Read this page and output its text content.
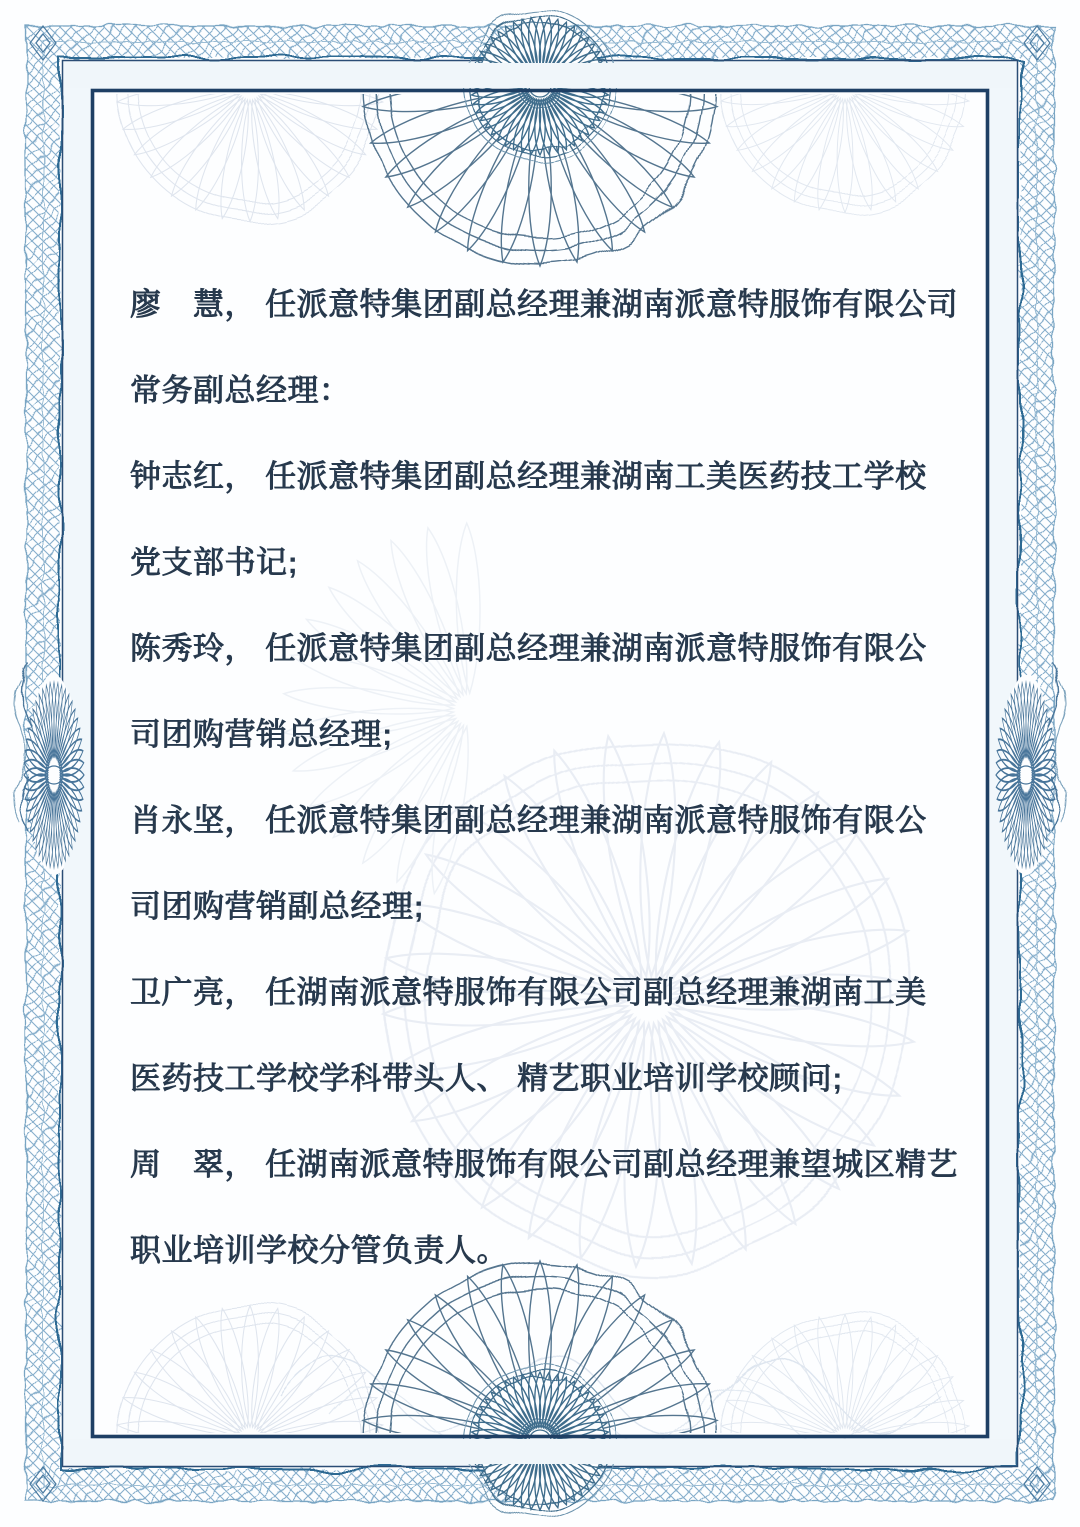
廖　慧， 任派意特集团副总经理兼湖南派意特服饰有限公司
常务副总经理：
钟志红， 任派意特集团副总经理兼湖南工美医药技工学校
党支部书记;
陈秀玲， 任派意特集团副总经理兼湖南派意特服饰有限公
司团购营销总经理;
肖永坚， 任派意特集团副总经理兼湖南派意特服饰有限公
司团购营销副总经理;
卫广亮， 任湖南派意特服饰有限公司副总经理兼湖南工美
医药技工学校学科带头人、 精艺职业培训学校顾问;
周　翠， 任湖南派意特服饰有限公司副总经理兼望城区精艺
职业培训学校分管负责人。
